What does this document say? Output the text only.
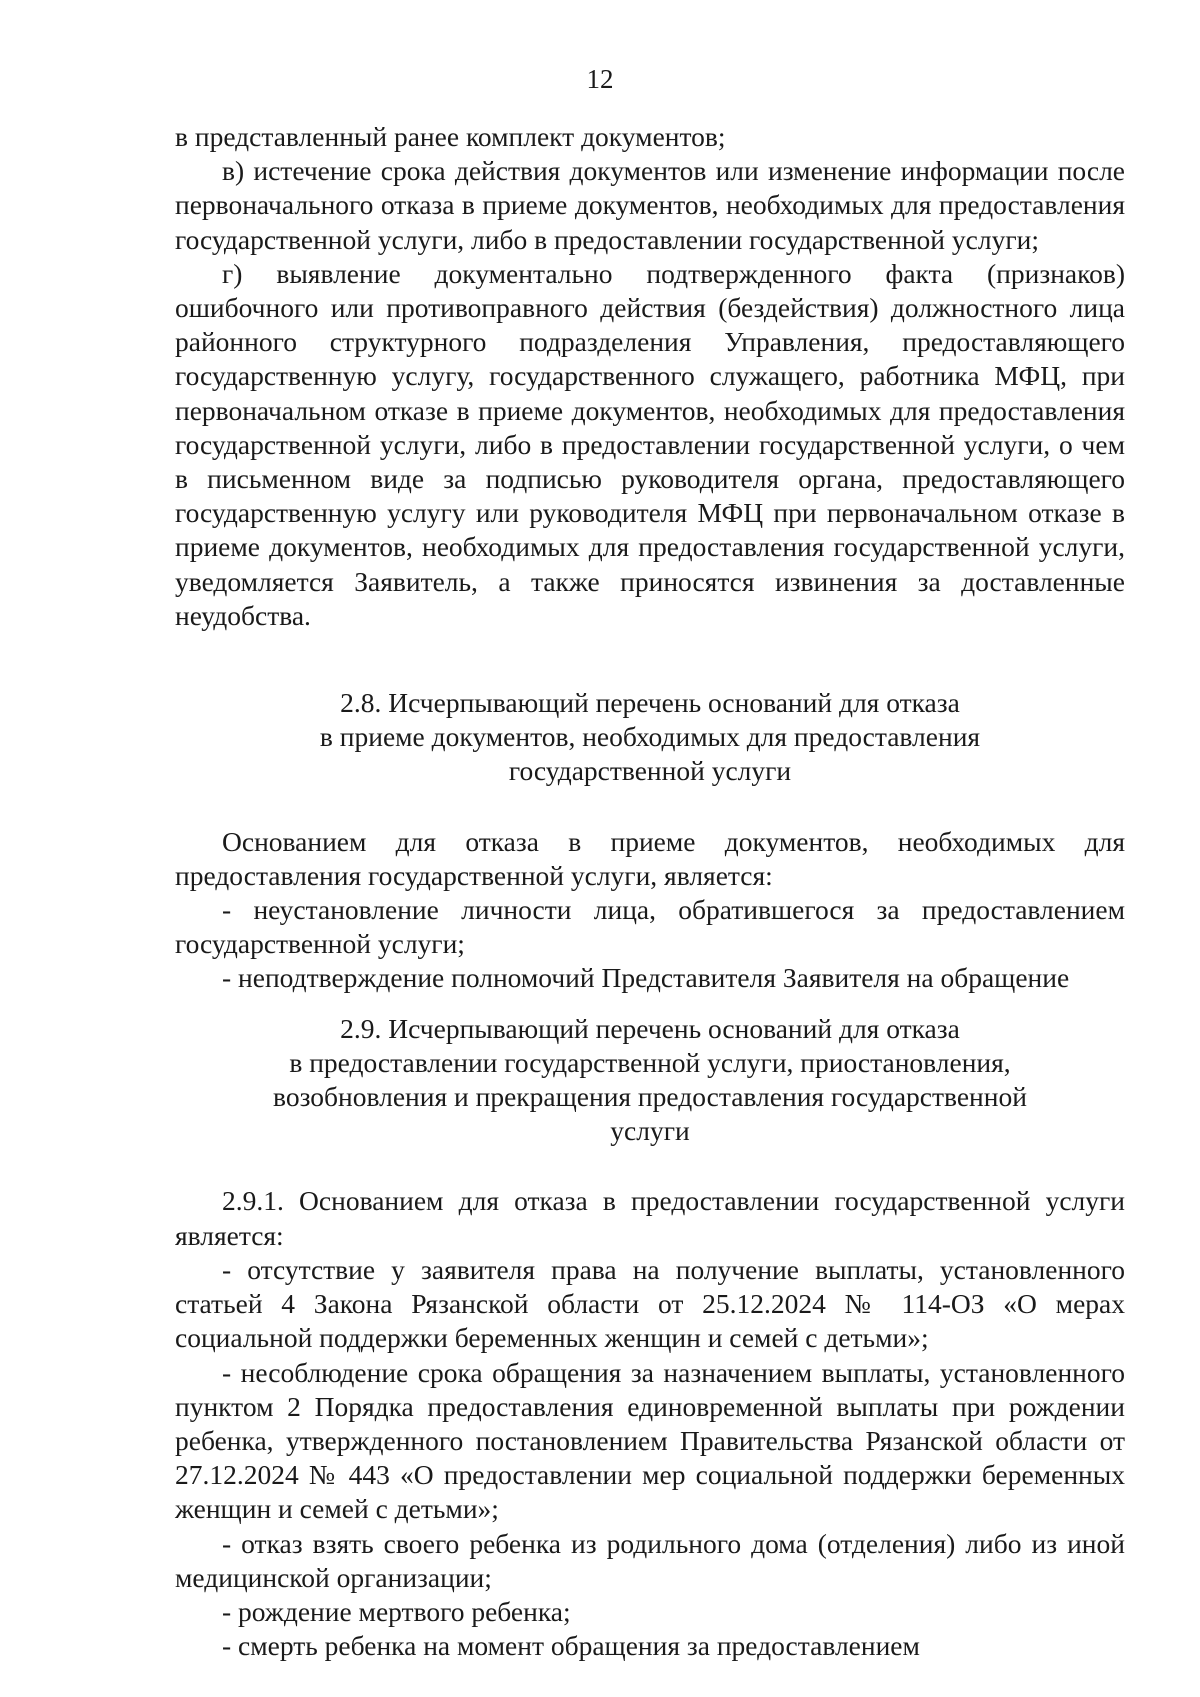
12

в представленный ранее комплект документов;

в) истечение срока действия документов или изменение информации после первоначального отказа в приеме документов, необходимых для предоставления государственной услуги, либо в предоставлении государственной услуги;

г) выявление документально подтвержденного факта (признаков) ошибочного или противоправного действия (бездействия) должностного лица районного структурного подразделения Управления, предоставляющего государственную услугу, государственного служащего, работника МФЦ, при первоначальном отказе в приеме документов, необходимых для предоставления государственной услуги, либо в предоставлении государственной услуги, о чем в письменном виде за подписью руководителя органа, предоставляющего государственную услугу или руководителя МФЦ при первоначальном отказе в приеме документов, необходимых для предоставления государственной услуги, уведомляется Заявитель, а также приносятся извинения за доставленные неудобства.

2.8. Исчерпывающий перечень оснований для отказа

в приеме документов, необходимых для предоставления

государственной услуги

Основанием для отказа в приеме документов, необходимых для предоставления государственной услуги, является:

- неустановление личности лица, обратившегося за предоставлением государственной услуги;

- неподтверждение полномочий Представителя Заявителя на обращение

2.9. Исчерпывающий перечень оснований для отказа

в предоставлении государственной услуги, приостановления,

возобновления и прекращения предоставления государственной

услуги

2.9.1. Основанием для отказа в предоставлении государственной услуги является:

- отсутствие у заявителя права на получение выплаты, установленного статьей 4 Закона Рязанской области от 25.12.2024 № 114-ОЗ «О мерах социальной поддержки беременных женщин и семей с детьми»;

- несоблюдение срока обращения за назначением выплаты, установленного пунктом 2 Порядка предоставления единовременной выплаты при рождении ребенка, утвержденного постановлением Правительства Рязанской области от 27.12.2024 № 443 «О предоставлении мер социальной поддержки беременных женщин и семей с детьми»;

- отказ взять своего ребенка из родильного дома (отделения) либо из иной медицинской организации;

- рождение мертвого ребенка;

- смерть ребенка на момент обращения за предоставлением
